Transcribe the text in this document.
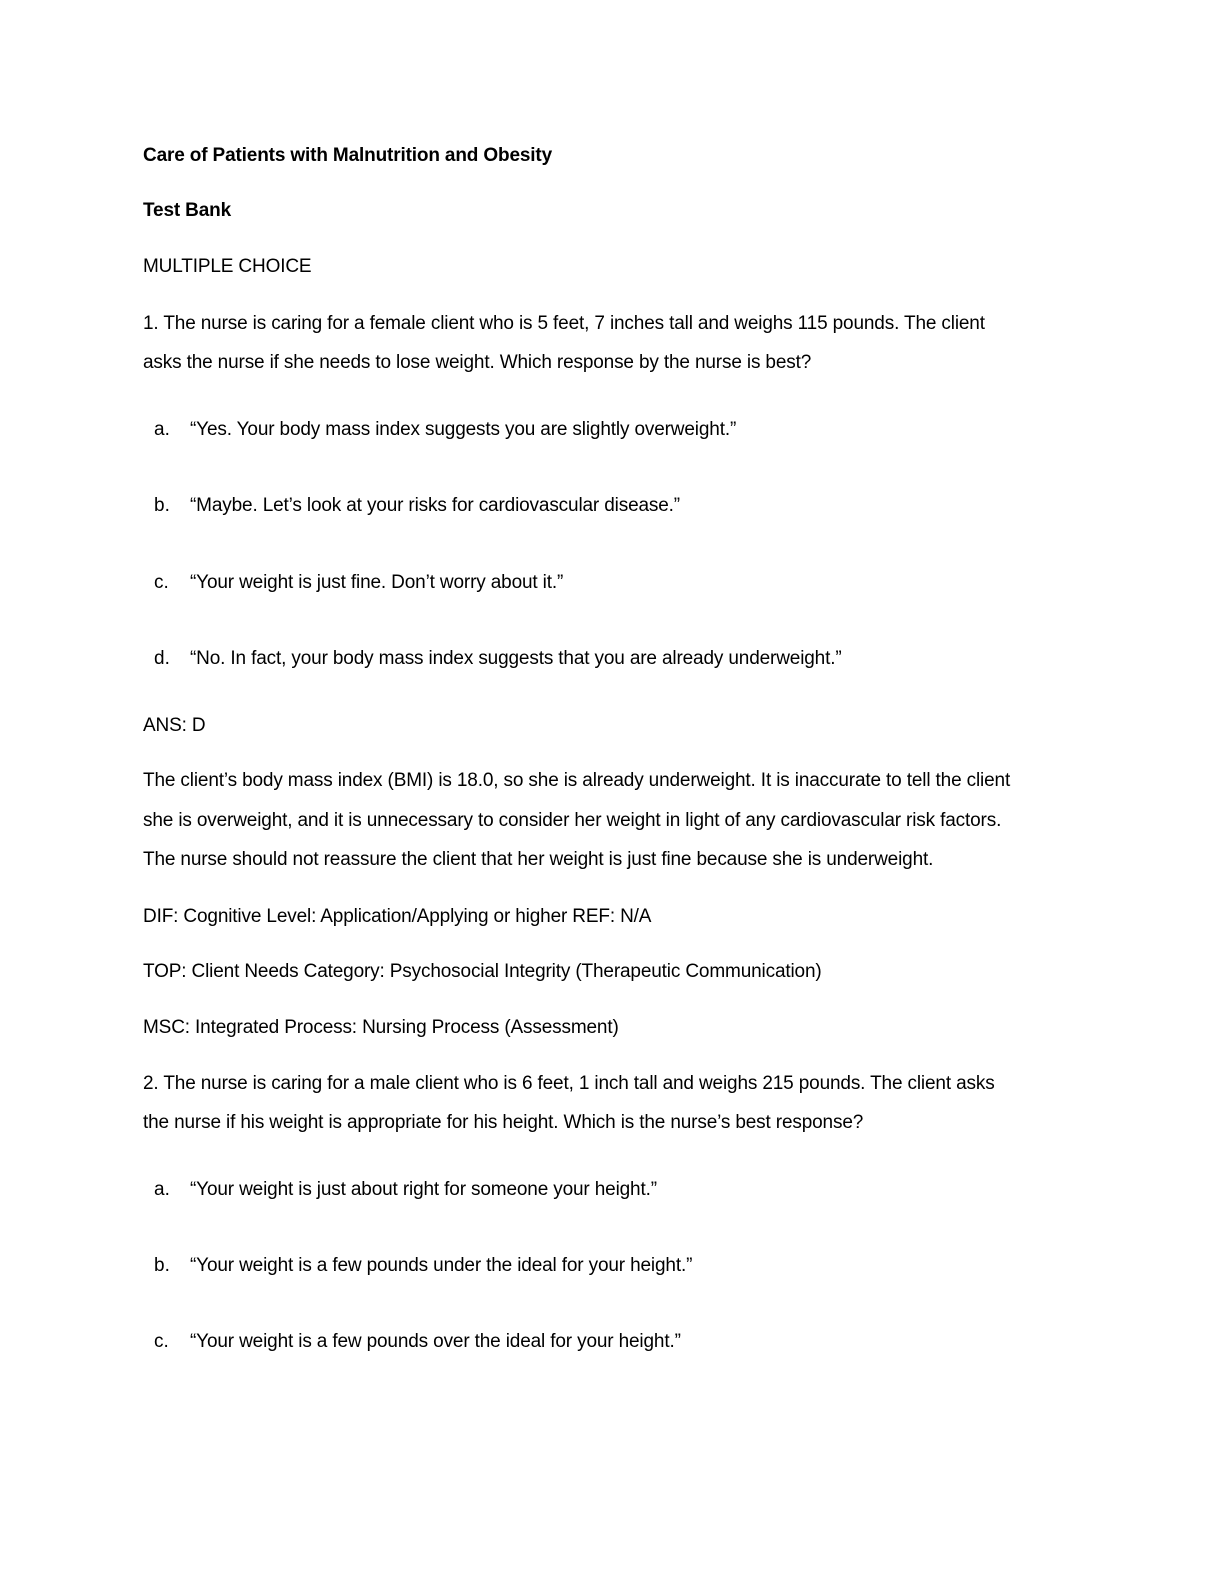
Care of Patients with Malnutrition and Obesity
Test Bank
MULTIPLE CHOICE
1. The nurse is caring for a female client who is 5 feet, 7 inches tall and weighs 115 pounds. The client
asks the nurse if she needs to lose weight. Which response by the nurse is best?
a. “Yes. Your body mass index suggests you are slightly overweight.”
b. “Maybe. Let’s look at your risks for cardiovascular disease.”
c. “Your weight is just fine. Don’t worry about it.”
d. “No. In fact, your body mass index suggests that you are already underweight.”
ANS: D
The client’s body mass index (BMI) is 18.0, so she is already underweight. It is inaccurate to tell the client
she is overweight, and it is unnecessary to consider her weight in light of any cardiovascular risk factors.
The nurse should not reassure the client that her weight is just fine because she is underweight.
DIF: Cognitive Level: Application/Applying or higher REF: N/A
TOP: Client Needs Category: Psychosocial Integrity (Therapeutic Communication)
MSC: Integrated Process: Nursing Process (Assessment)
2. The nurse is caring for a male client who is 6 feet, 1 inch tall and weighs 215 pounds. The client asks
the nurse if his weight is appropriate for his height. Which is the nurse’s best response?
a. “Your weight is just about right for someone your height.”
b. “Your weight is a few pounds under the ideal for your height.”
c. “Your weight is a few pounds over the ideal for your height.”
